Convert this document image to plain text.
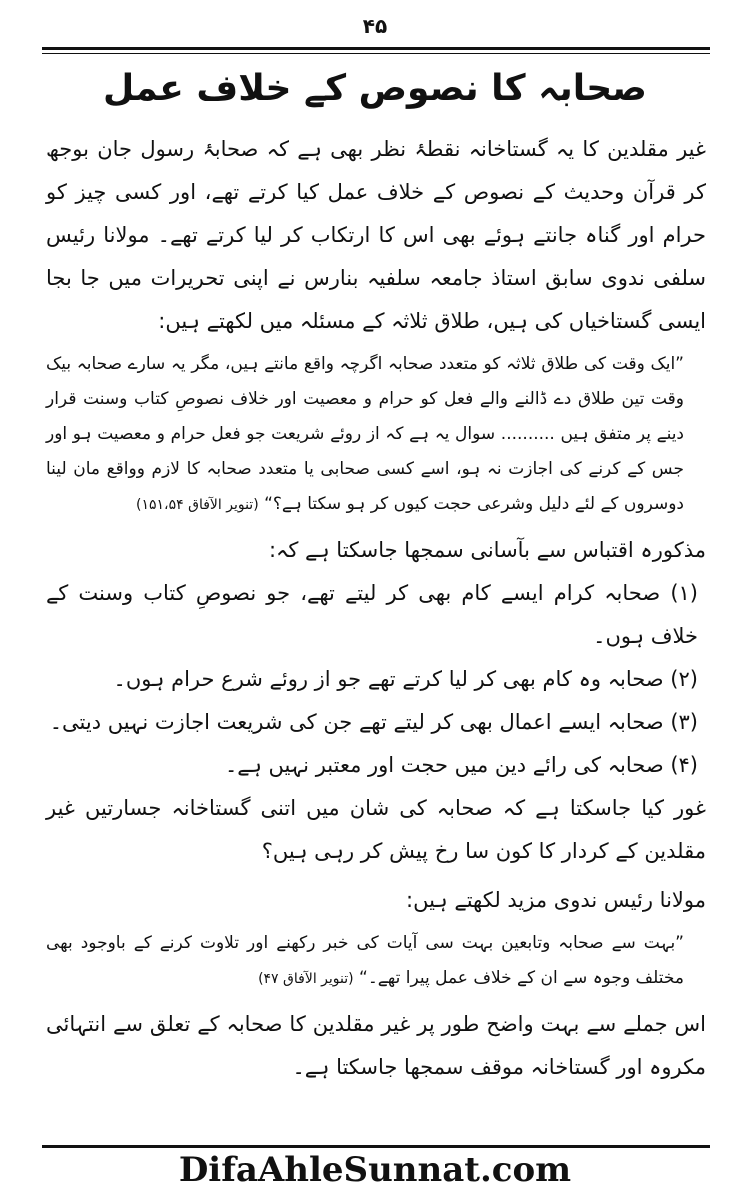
۴۵
صحابہ کا نصوص کے خلاف عمل

غیر مقلدین کا یہ گستاخانہ نقطۂ نظر بھی ہے کہ صحابۂ رسول جان بوجھ کر قرآن وحدیث کے نصوص کے خلاف عمل کیا کرتے تھے، اور کسی چیز کو حرام اور گناہ جانتے ہوئے بھی اس کا ارتکاب کر لیا کرتے تھے۔ مولانا رئیس سلفی ندوی سابق استاذ جامعہ سلفیہ بنارس نے اپنی تحریرات میں جا بجا ایسی گستاخیاں کی ہیں، طلاق ثلاثہ کے مسئلہ میں لکھتے ہیں:

”ایک وقت کی طلاق ثلاثہ کو متعدد صحابہ اگرچہ واقع مانتے ہیں، مگر یہ سارے صحابہ بیک وقت تین طلاق دے ڈالنے والے فعل کو حرام و معصیت اور خلاف نصوصِ کتاب وسنت قرار دینے پر متفق ہیں .......... سوال یہ ہے کہ از روئے شریعت جو فعل حرام و معصیت ہو اور جس کے کرنے کی اجازت نہ ہو، اسے کسی صحابی یا متعدد صحابہ کا لازم وواقع مان لینا دوسروں کے لئے دلیل وشرعی حجت کیوں کر ہو سکتا ہے؟“ (تنویر الآفاق ۱۵۱،۵۴)

مذکورہ اقتباس سے بآسانی سمجھا جاسکتا ہے کہ:

(۱) صحابہ کرام ایسے کام بھی کر لیتے تھے، جو نصوصِ کتاب وسنت کے خلاف ہوں۔

(۲) صحابہ وہ کام بھی کر لیا کرتے تھے جو از روئے شرع حرام ہوں۔

(۳) صحابہ ایسے اعمال بھی کر لیتے تھے جن کی شریعت اجازت نہیں دیتی۔

(۴) صحابہ کی رائے دین میں حجت اور معتبر نہیں ہے۔

غور کیا جاسکتا ہے کہ صحابہ کی شان میں اتنی گستاخانہ جسارتیں غیر مقلدین کے کردار کا کون سا رخ پیش کر رہی ہیں؟

مولانا رئیس ندوی مزید لکھتے ہیں:

”بہت سے صحابہ وتابعین بہت سی آیات کی خبر رکھنے اور تلاوت کرنے کے باوجود بھی مختلف وجوہ سے ان کے خلاف عمل پیرا تھے۔“ (تنویر الآفاق ۴۷)

اس جملے سے بہت واضح طور پر غیر مقلدین کا صحابہ کے تعلق سے انتہائی مکروہ اور گستاخانہ موقف سمجھا جاسکتا ہے۔

DifaAhleSunnat.com
